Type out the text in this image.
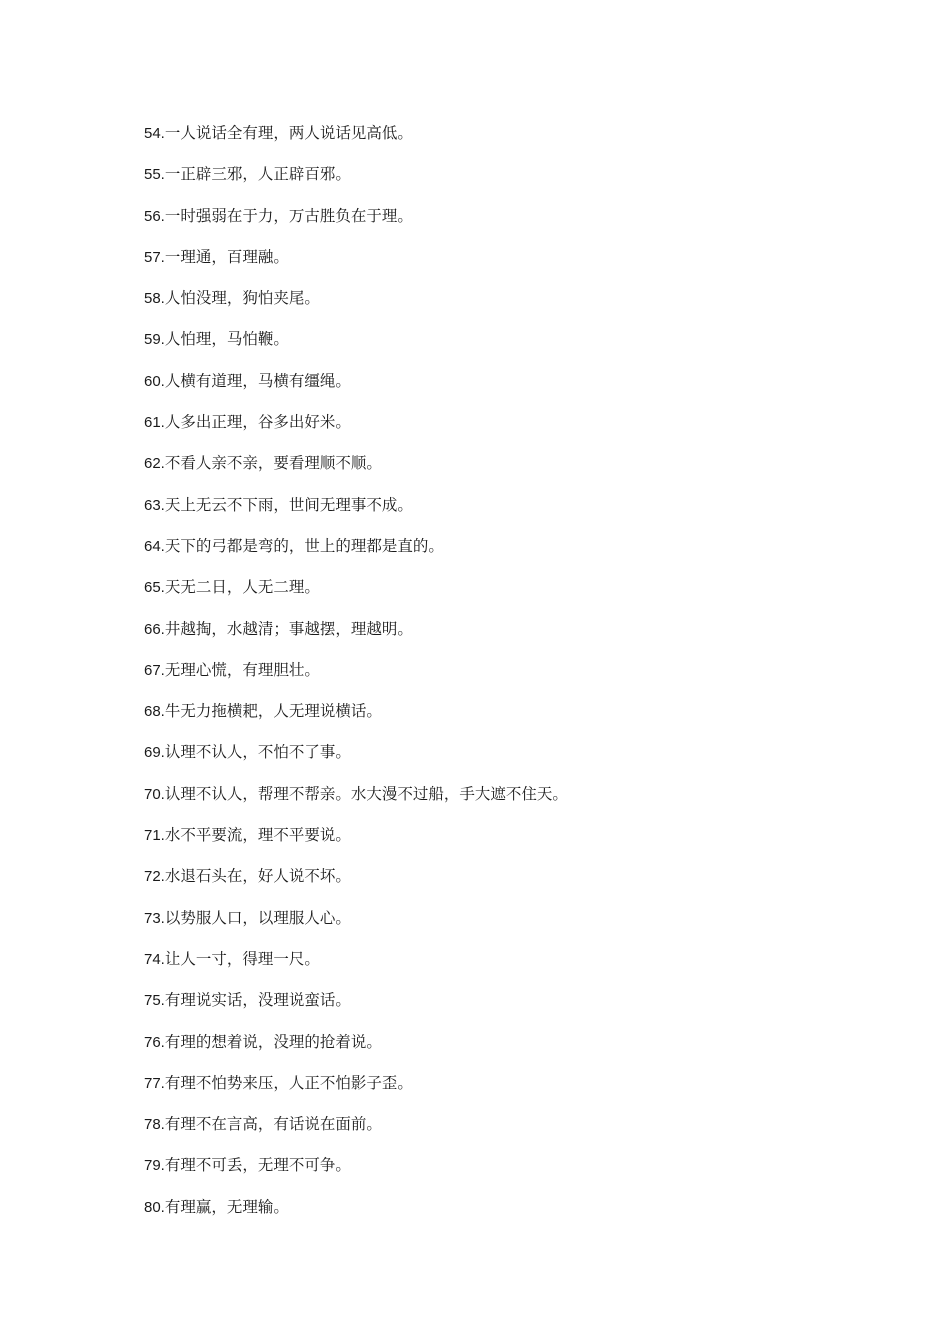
54.一人说话全有理，两人说话见高低。
55.一正辟三邪，人正辟百邪。
56.一时强弱在于力，万古胜负在于理。
57.一理通，百理融。
58.人怕没理，狗怕夹尾。
59.人怕理，马怕鞭。
60.人横有道理，马横有缰绳。
61.人多出正理，谷多出好米。
62.不看人亲不亲，要看理顺不顺。
63.天上无云不下雨，世间无理事不成。
64.天下的弓都是弯的，世上的理都是直的。
65.天无二日，人无二理。
66.井越掏，水越清；事越摆，理越明。
67.无理心慌，有理胆壮。
68.牛无力拖横耙，人无理说横话。
69.认理不认人，不怕不了事。
70.认理不认人，帮理不帮亲。水大漫不过船，手大遮不住天。
71.水不平要流，理不平要说。
72.水退石头在，好人说不坏。
73.以势服人口，以理服人心。
74.让人一寸，得理一尺。
75.有理说实话，没理说蛮话。
76.有理的想着说，没理的抢着说。
77.有理不怕势来压，人正不怕影子歪。
78.有理不在言高，有话说在面前。
79.有理不可丢，无理不可争。
80.有理赢，无理输。
